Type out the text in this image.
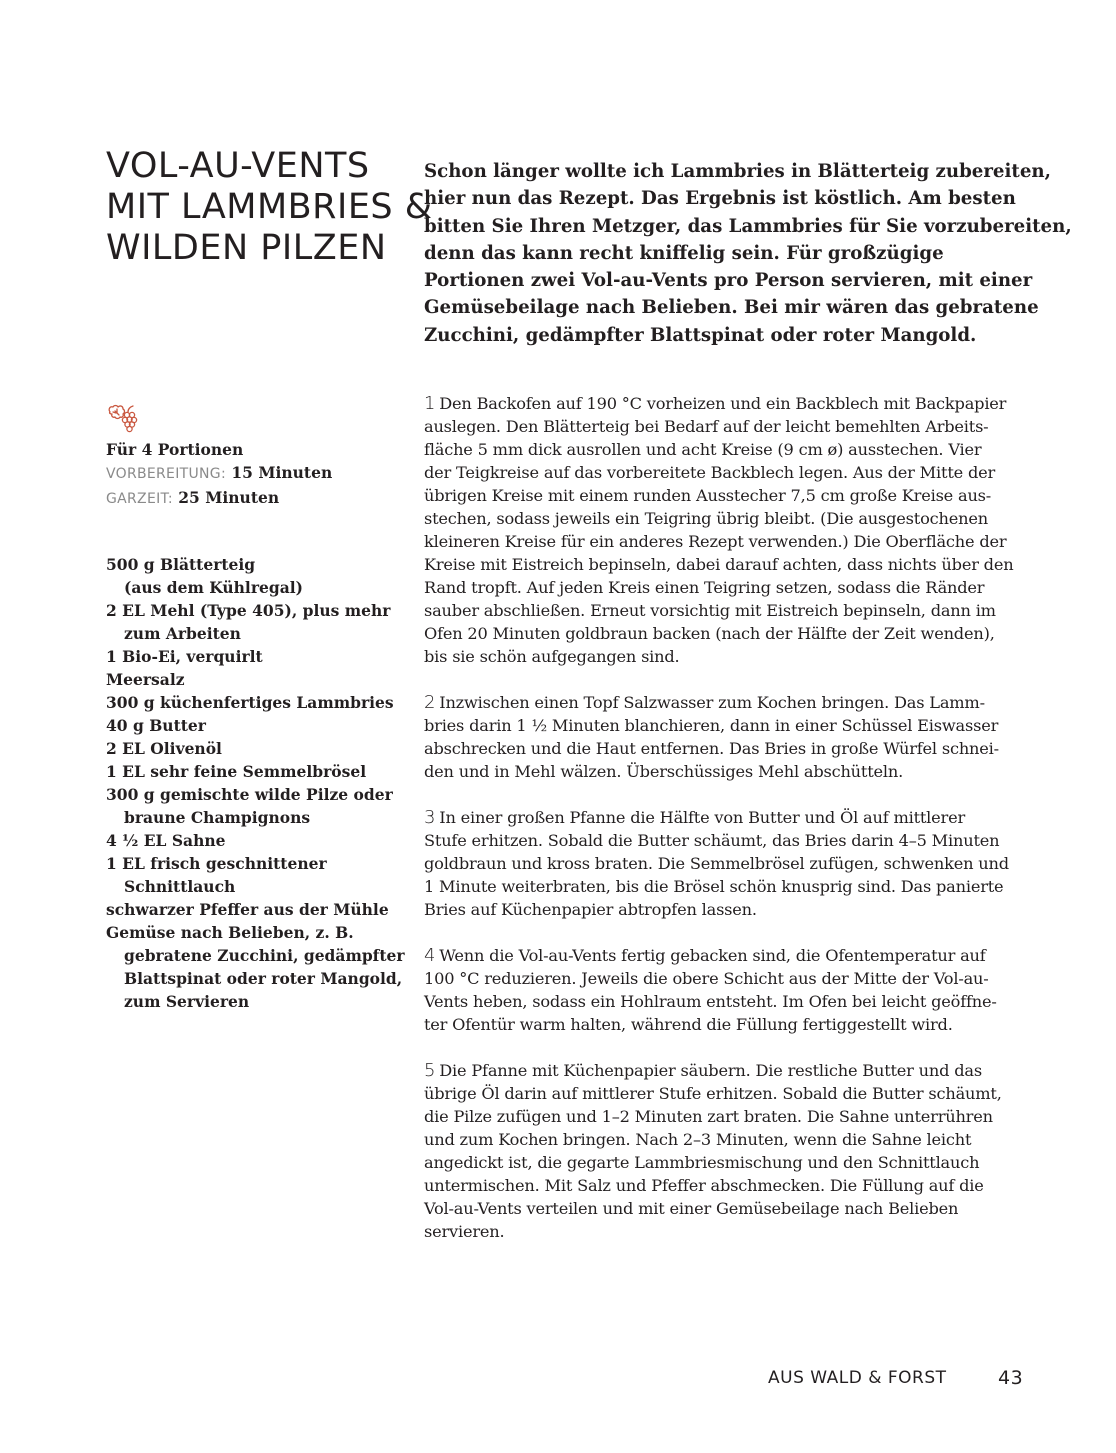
VOL-AU-VENTS
MIT LAMMBRIES &
WILDEN PILZEN

Schon länger wollte ich Lammbries in Blätterteig zubereiten,
hier nun das Rezept. Das Ergebnis ist köstlich. Am besten
bitten Sie Ihren Metzger, das Lammbries für Sie vorzubereiten,
denn das kann recht kniffelig sein. Für großzügige
Portionen zwei Vol-au-Vents pro Person servieren, mit einer
Gemüsebeilage nach Belieben. Bei mir wären das gebratene
Zucchini, gedämpfter Blattspinat oder roter Mangold.

Für 4 Portionen
VORBEREITUNG: 15 Minuten
GARZEIT: 25 Minuten
500 g Blätterteig
(aus dem Kühlregal)
2 EL Mehl (Type 405), plus mehr
zum Arbeiten
1 Bio-Ei, verquirlt
Meersalz
300 g küchenfertiges Lammbries
40 g Butter
2 EL Olivenöl
1 EL sehr feine Semmelbrösel
300 g gemischte wilde Pilze oder
braune Champignons
4 ½ EL Sahne
1 EL frisch geschnittener
Schnittlauch
schwarzer Pfeffer aus der Mühle
Gemüse nach Belieben, z. B.
gebratene Zucchini, gedämpfter
Blattspinat oder roter Mangold,
zum Servieren
1 Den Backofen auf 190 °C vorheizen und ein Backblech mit Backpapier
auslegen. Den Blätterteig bei Bedarf auf der leicht bemehlten Arbeits-
fläche 5 mm dick ausrollen und acht Kreise (9 cm ø) ausstechen. Vier
der Teigkreise auf das vorbereitete Backblech legen. Aus der Mitte der
übrigen Kreise mit einem runden Ausstecher 7,5 cm große Kreise aus-
stechen, sodass jeweils ein Teigring übrig bleibt. (Die ausgestochenen
kleineren Kreise für ein anderes Rezept verwenden.) Die Oberfläche der
Kreise mit Eistreich bepinseln, dabei darauf achten, dass nichts über den
Rand tropft. Auf jeden Kreis einen Teigring setzen, sodass die Ränder
sauber abschließen. Erneut vorsichtig mit Eistreich bepinseln, dann im
Ofen 20 Minuten goldbraun backen (nach der Hälfte der Zeit wenden),
bis sie schön aufgegangen sind.
2 Inzwischen einen Topf Salzwasser zum Kochen bringen. Das Lamm-
bries darin 1 ½ Minuten blanchieren, dann in einer Schüssel Eiswasser
abschrecken und die Haut entfernen. Das Bries in große Würfel schnei-
den und in Mehl wälzen. Überschüssiges Mehl abschütteln.
3 In einer großen Pfanne die Hälfte von Butter und Öl auf mittlerer
Stufe erhitzen. Sobald die Butter schäumt, das Bries darin 4–5 Minuten
goldbraun und kross braten. Die Semmelbrösel zufügen, schwenken und
1 Minute weiterbraten, bis die Brösel schön knusprig sind. Das panierte
Bries auf Küchenpapier abtropfen lassen.
4 Wenn die Vol-au-Vents fertig gebacken sind, die Ofentemperatur auf
100 °C reduzieren. Jeweils die obere Schicht aus der Mitte der Vol-au-
Vents heben, sodass ein Hohlraum entsteht. Im Ofen bei leicht geöffne-
ter Ofentür warm halten, während die Füllung fertiggestellt wird.
5 Die Pfanne mit Küchenpapier säubern. Die restliche Butter und das
übrige Öl darin auf mittlerer Stufe erhitzen. Sobald die Butter schäumt,
die Pilze zufügen und 1–2 Minuten zart braten. Die Sahne unterrühren
und zum Kochen bringen. Nach 2–3 Minuten, wenn die Sahne leicht
angedickt ist, die gegarte Lammbriesmischung und den Schnittlauch
untermischen. Mit Salz und Pfeffer abschmecken. Die Füllung auf die
Vol-au-Vents verteilen und mit einer Gemüsebeilage nach Belieben
servieren.
AUS WALD & FORST	43
